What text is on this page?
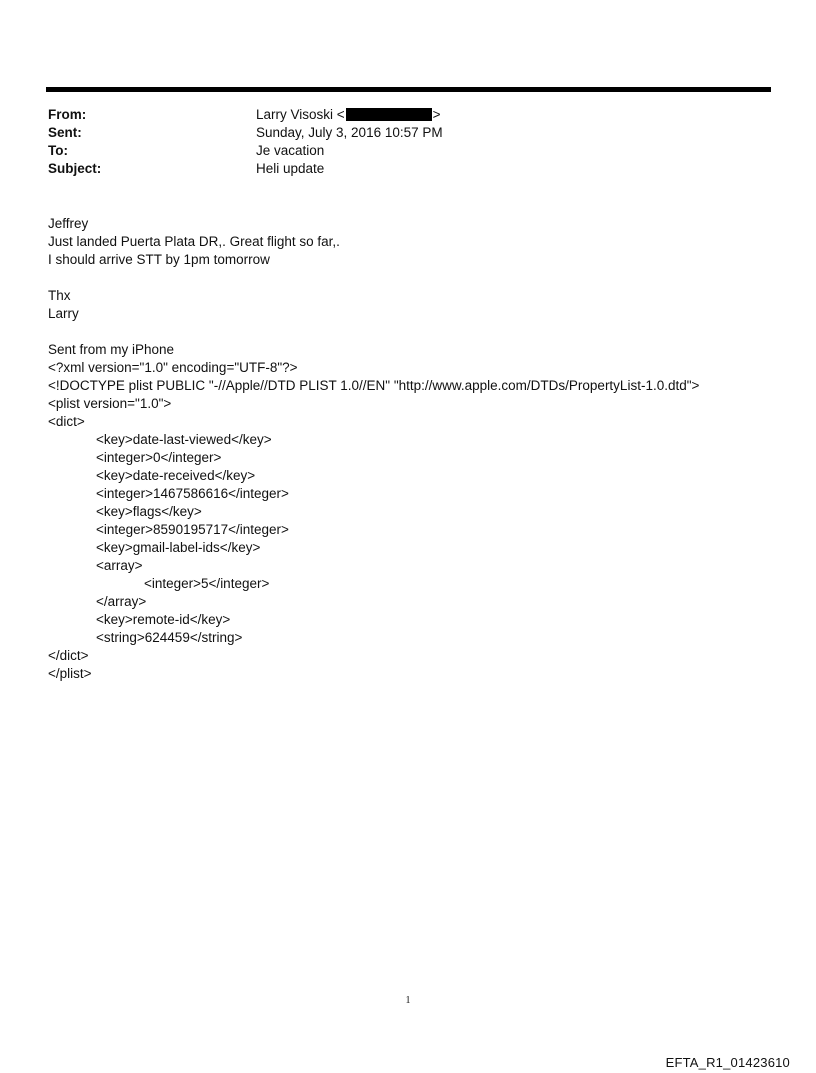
From:	Larry Visoski <	>
Sent:	Sunday, July 3, 2016 10:57 PM
To:	Je vacation
Subject:	Heli update
Jeffrey
Just landed Puerta Plata DR,. Great flight so far,.
I should arrive STT by 1pm tomorrow
Thx
Larry
Sent from my iPhone
<?xml version="1.0" encoding="UTF-8"?>
<!DOCTYPE plist PUBLIC "-//Apple//DTD PLIST 1.0//EN" "http://www.apple.com/DTDs/PropertyList-1.0.dtd">
<plist version="1.0">
<dict>
<key>date-last-viewed</key>
<integer>0</integer>
<key>date-received</key>
<integer>1467586616</integer>
<key>flags</key>
<integer>8590195717</integer>
<key>gmail-label-ids</key>
<array>
<integer>5</integer>
</array>
<key>remote-id</key>
<string>624459</string>
</dict>
</plist>
1
EFTA_R1_01423610
